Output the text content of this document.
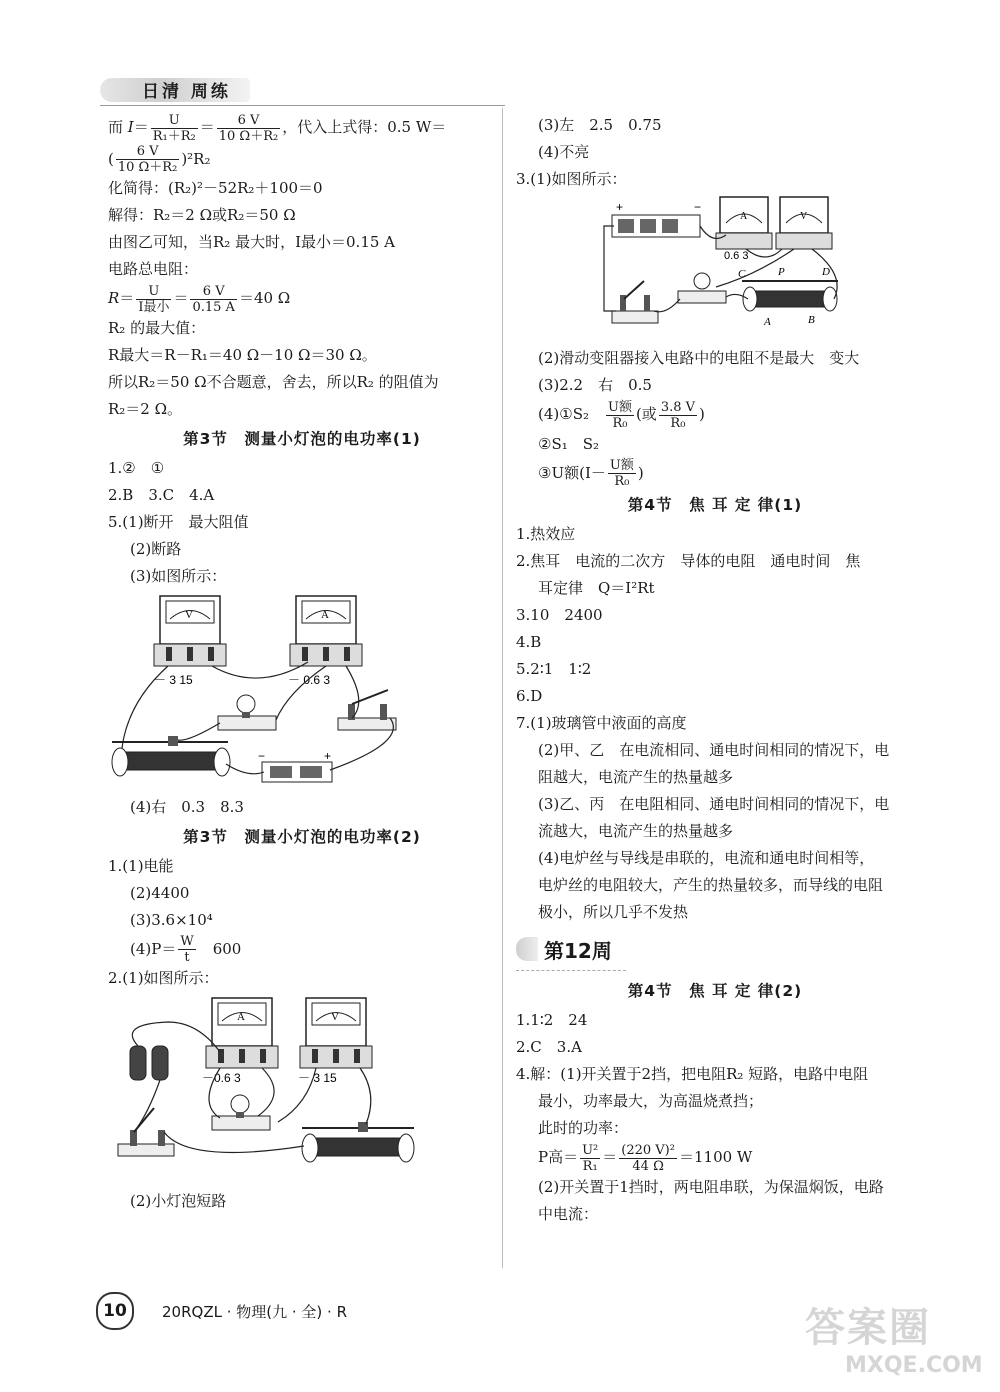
日清 周练
而 $I= \frac{U}{\text{R₁＋R₂}} = \frac{6 V}{\text{10 Ω＋R₂}}$ ，代入上式得：0.5 W＝
( $\frac{6 V}{\text{10 Ω＋R₂}} )^2R_2$
化简得：(R₂)²－52R₂＋100＝0
解得：R₂＝2 Ω或R₂＝50 Ω
由图乙可知，当R₂ 最大时，I最小＝0.15 A
电路总电阻：
$R= \frac{U}{\text{I最小}} = \frac{6 V}{0.15 A} =40$ Ω
R₂ 的最大值：
R最大＝R－R₁＝40 Ω－10 Ω＝30 Ω。
所以R₂＝50 Ω不合题意，舍去，所以R₂ 的阻值为
R₂＝2 Ω。
第3节　测量小灯泡的电功率(1)
1.②　①
2.B　3.C　4.A
5.(1)断开　最大阻值
(2)断路
(3)如图所示：
V
－ 3 15
A
－ 0.6 3
−	+
(4)右　0.3　8.3
第3节　测量小灯泡的电功率(2)
1.(1)电能
(2)4400
(3)3.6×10⁴
$(4)P= \frac{W}{t}$ 　600
2.(1)如图所示：
A
－0.6 3
V
－ 3 15
(2)小灯泡短路
(3)左　2.5　0.75
(4)不亮
3.(1)如图所示：
+	−
A
0.6 3
V
C	P	D
A	B
(2)滑动变阻器接入电路中的电阻不是最大　变大
(3)2.2　右　0.5
(4)①S₂　 $\frac{\text{U额}}{\text{R₀}}$ (或 $\frac{3.8 V}{\text{R₀}}$ )
②S₁　S₂
③U额($I- \frac{\text{U额}}{\text{R₀}}$ )
第4节　焦 耳 定 律(1)
1.热效应
2.焦耳　电流的二次方　导体的电阻　通电时间　焦
耳定律　Q＝I²Rt
3.10　2400
4.B
5.2∶1　1∶2
6.D
7.(1)玻璃管中液面的高度
(2)甲、乙　在电流相同、通电时间相同的情况下，电
阻越大，电流产生的热量越多
(3)乙、丙　在电阻相同、通电时间相同的情况下，电
流越大，电流产生的热量越多
(4)电炉丝与导线是串联的，电流和通电时间相等，
电炉丝的电阻较大，产生的热量较多，而导线的电阻
极小，所以几乎不发热
第12周
第4节　焦 耳 定 律(2)
1.1∶2　24
2.C　3.A
4.解：(1)开关置于2挡，把电阻R₂ 短路，电路中电阻
最小，功率最大，为高温烧煮挡；
此时的功率：
P高＝ $\frac{\text{U²}}{\text{R₁}} = \frac{\text{(220 V)²}}{44 \Omega} =1100$ W
(2)开关置于1挡时，两电阻串联，为保温焖饭，电路
中电流：
10	20RQZL · 物理(九 · 全) · R	答案圈
MXQE.COM
